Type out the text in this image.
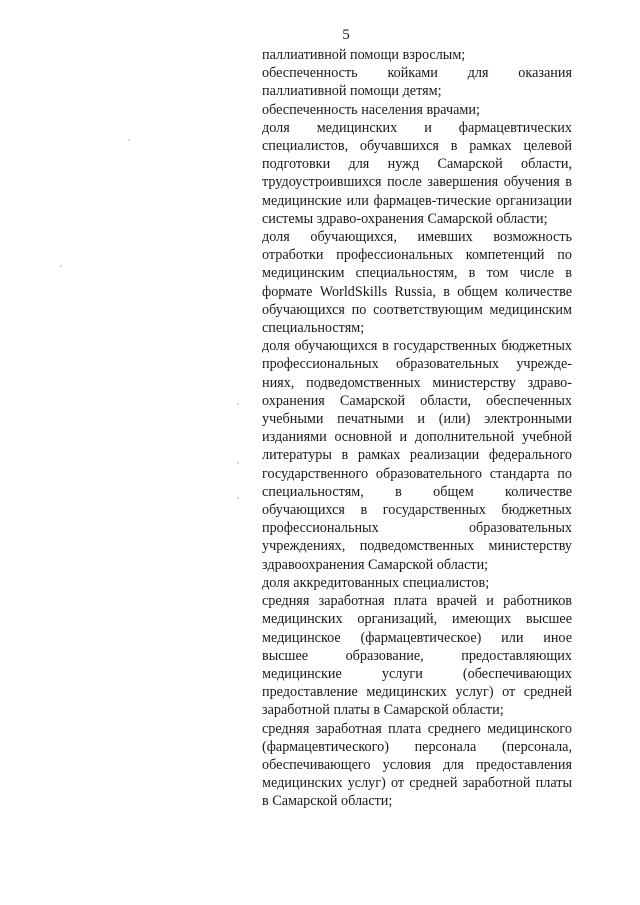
5

паллиативной помощи взрослым;

обеспеченность койками для оказания паллиативной помощи детям;

обеспеченность населения врачами;

доля медицинских и фармацевтических специалистов, обучавшихся в рамках целевой подготовки для нужд Самарской области, трудоустроившихся после завершения обучения в медицинские или фармацев-тические организации системы здраво-охранения Самарской области;

доля обучающихся, имевших возможность отработки профессиональных компетенций по медицинским специальностям, в том числе в формате WorldSkills Russia, в общем количестве обучающихся по соответствующим медицинским специальностям;

доля обучающихся в государственных бюджетных профессиональных образовательных учрежде-ниях, подведомственных министерству здраво-охранения Самарской области, обеспеченных учебными печатными и (или) электронными изданиями основной и дополнительной учебной литературы в рамках реализации федерального государственного образовательного стандарта по специальностям, в общем количестве обучающихся в государственных бюджетных профессиональных образовательных учреждениях, подведомственных министерству здравоохранения Самарской области;

доля аккредитованных специалистов;

средняя заработная плата врачей и работников медицинских организаций, имеющих высшее медицинское (фармацевтическое) или иное высшее образование, предоставляющих медицинские услуги (обеспечивающих предоставление медицинских услуг) от средней заработной платы в Самарской области;

средняя заработная плата среднего медицинского (фармацевтического) персонала (персонала, обеспечивающего условия для предоставления медицинских услуг) от средней заработной платы в Самарской области;
